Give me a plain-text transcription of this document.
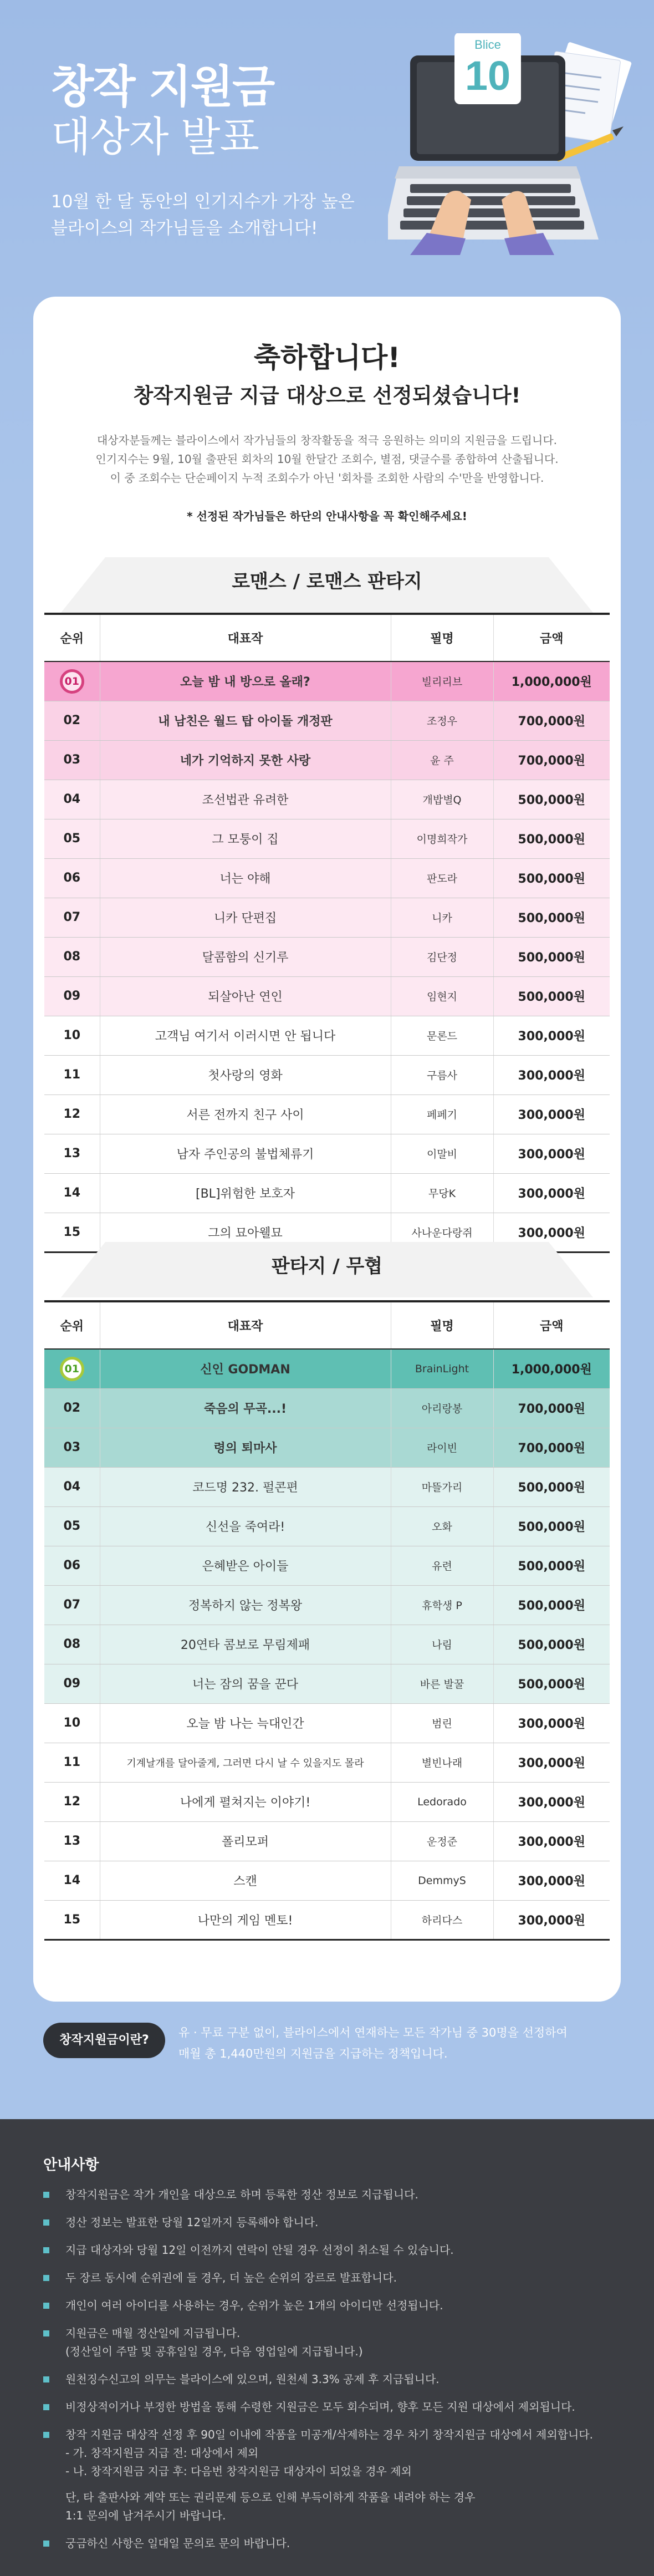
창작 지원금
대상자 발표
10월 한 달 동안의 인기지수가 가장 높은
블라이스의 작가님들을 소개합니다!
Blice
10
축하합니다!
창작지원금 지급 대상으로 선정되셨습니다!
대상자분들께는 블라이스에서 작가님들의 창작활동을 적극 응원하는 의미의 지원금을 드립니다.
인기지수는 9월, 10월 출판된 회차의 10월 한달간 조회수, 별점, 댓글수를 종합하여 산출됩니다.
이 중 조회수는 단순페이지 누적 조회수가 아닌 '회차를 조회한 사람의 수'만을 반영합니다.
* 선정된 작가님들은 하단의 안내사항을 꼭 확인해주세요!
로맨스 / 로맨스 판타지
순위	대표작	필명	금액
01	오늘 밤 내 방으로 올래?	빌리리브	1,000,000원
02	내 남친은 월드 탑 아이돌 개정판	조정우	700,000원
03	네가 기억하지 못한 사랑	윤 주	700,000원
04	조선법관 유려한	개밥별Q	500,000원
05	그 모퉁이 집	이명희작가	500,000원
06	너는 야해	판도라	500,000원
07	니카 단편집	니카	500,000원
08	달콤함의 신기루	김단정	500,000원
09	되살아난 연인	임현지	500,000원
10	고객님 여기서 이러시면 안 됩니다	문론드	300,000원
11	첫사랑의 영화	구름사	300,000원
12	서른 전까지 친구 사이	페페기	300,000원
13	남자 주인공의 불법체류기	이말비	300,000원
14	[BL]위험한 보호자	무당K	300,000원
15	그의 묘아웰묘	사나운다랑쥐	300,000원
판타지 / 무협
순위	대표작	필명	금액
01	신인 GODMAN	BrainLight	1,000,000원
02	죽음의 무곡...!	아리랑봉	700,000원
03	령의 퇴마사	라이빈	700,000원
04	코드명 232. 펄콘편	마뜰가리	500,000원
05	신선을 죽여라!	오화	500,000원
06	은혜받은 아이들	유련	500,000원
07	정복하지 않는 정복왕	휴학생 P	500,000원
08	20연타 콤보로 무림제패	나림	500,000원
09	너는 잠의 꿈을 꾼다	바른 발꿀	500,000원
10	오늘 밤 나는 늑대인간	범린	300,000원
11	기계날개를 달아줄게, 그러면 다시 날 수 있을지도 몰라	별빈나래	300,000원
12	나에게 펼쳐지는 이야기!	Ledorado	300,000원
13	폴리모퍼	운정준	300,000원
14	스캔	DemmyS	300,000원
15	나만의 게임 멘토!	하리다스	300,000원
창작지원금이란?
유 · 무료 구분 없이, 블라이스에서 연재하는 모든 작가님 중 30명을 선정하여
매월 총 1,440만원의 지원금을 지급하는 정책입니다.
안내사항
창작지원금은 작가 개인을 대상으로 하며 등록한 정산 정보로 지급됩니다.
정산 정보는 발표한 당월 12일까지 등록해야 합니다.
지급 대상자와 당월 12일 이전까지 연락이 안될 경우 선정이 취소될 수 있습니다.
두 장르 동시에 순위권에 들 경우, 더 높은 순위의 장르로 발표합니다.
개인이 여러 아이디를 사용하는 경우, 순위가 높은 1개의 아이디만 선정됩니다.
지원금은 매월 정산일에 지급됩니다.
(정산일이 주말 및 공휴일일 경우, 다음 영업일에 지급됩니다.)
원천징수신고의 의무는 블라이스에 있으며, 원천세 3.3% 공제 후 지급됩니다.
비정상적이거나 부정한 방법을 통해 수령한 지원금은 모두 회수되며, 향후 모든 지원 대상에서 제외됩니다.
창작 지원금 대상작 선정 후 90일 이내에 작품을 미공개/삭제하는 경우 차기 창작지원금 대상에서 제외합니다.
- 가. 창작지원금 지급 전: 대상에서 제외
- 나. 창작지원금 지급 후: 다음번 창작지원금 대상자이 되었을 경우 제외
단, 타 출판사와 계약 또는 권리문제 등으로 인해 부득이하게 작품을 내려야 하는 경우
1:1 문의에 남겨주시기 바랍니다.
궁금하신 사항은 일대일 문의로 문의 바랍니다.
